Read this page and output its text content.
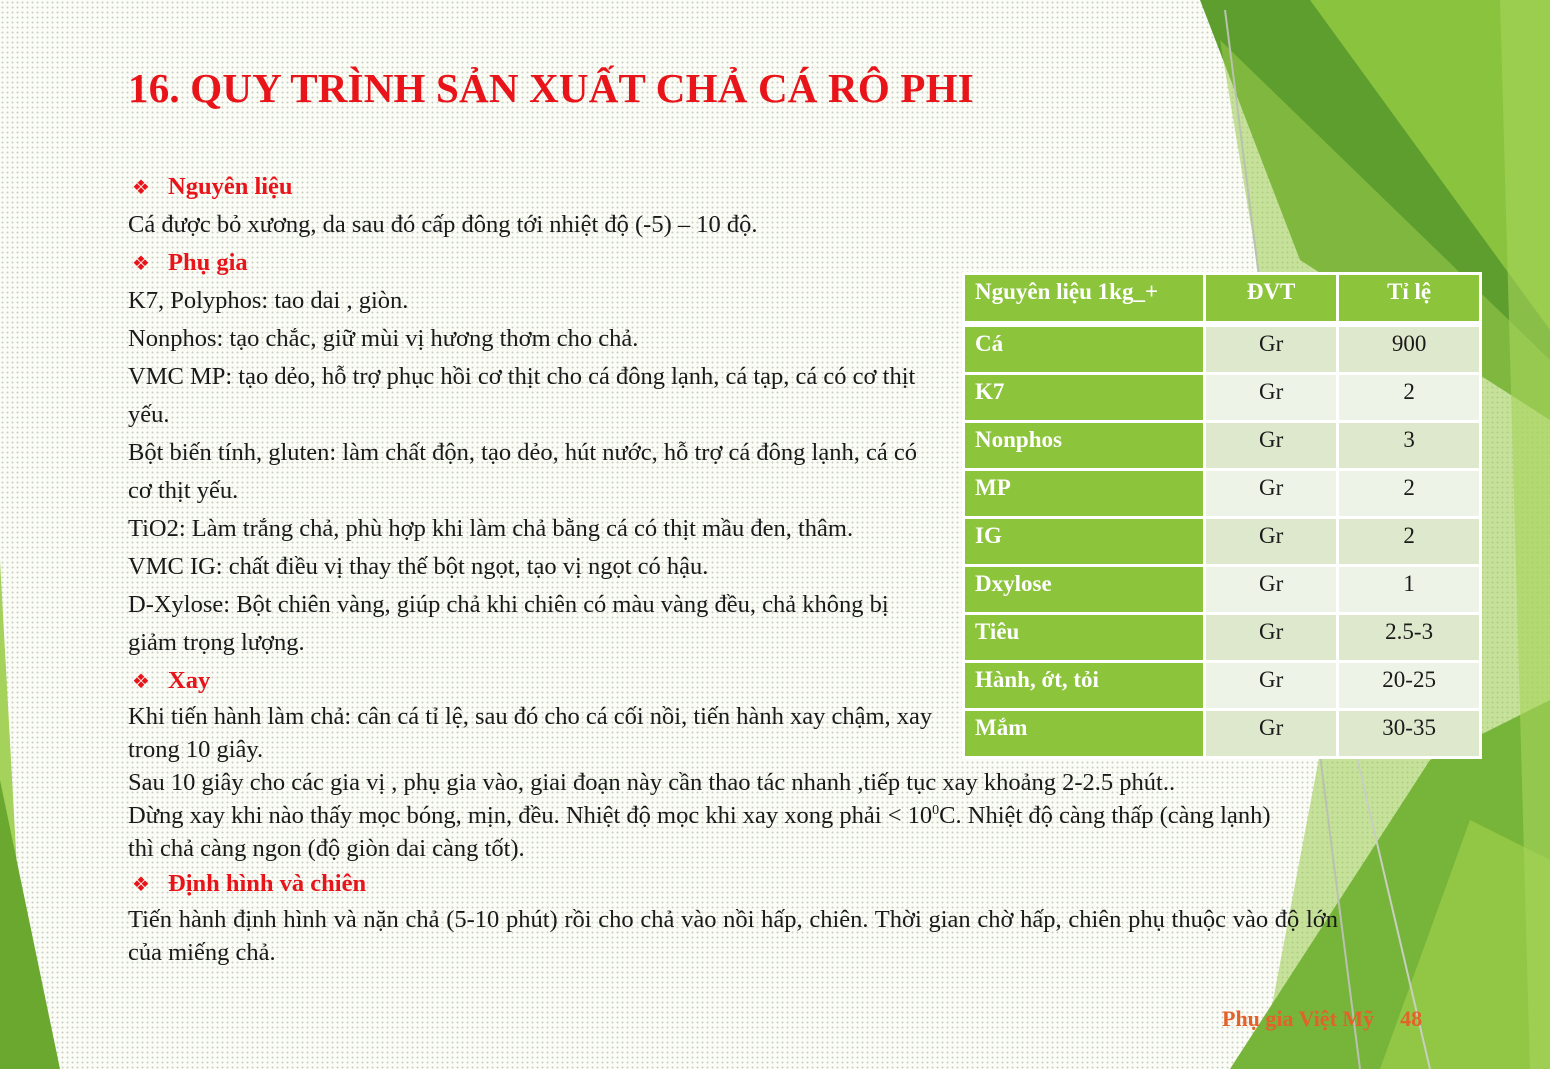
16. QUY TRÌNH SẢN XUẤT CHẢ CÁ RÔ PHI
❖ Nguyên liệu

Cá được bỏ xương, da sau đó cấp đông tới nhiệt độ (-5) – 10 độ.

❖ Phụ gia

K7, Polyphos: tao dai , giòn.

Nonphos: tạo chắc, giữ mùi vị hương thơm cho chả.

VMC MP: tạo dẻo, hỗ trợ phục hồi cơ thịt cho cá đông lạnh, cá tạp, cá có cơ thịt yếu.

Bột biến tính, gluten: làm chất độn, tạo dẻo, hút nước, hỗ trợ cá đông lạnh, cá có cơ thịt yếu.

TiO2: Làm trắng chả, phù hợp khi làm chả bằng cá có thịt mầu đen, thâm.

VMC IG: chất điều vị thay thế bột ngọt, tạo vị ngọt có hậu.

D-Xylose: Bột chiên vàng, giúp chả khi chiên có màu vàng đều, chả không bị giảm trọng lượng.

❖ Xay

Khi tiến hành làm chả: cân cá tỉ lệ, sau đó cho cá cối nồi, tiến hành xay chậm, xay trong 10 giây.

Sau 10 giây cho các gia vị , phụ gia vào, giai đoạn này cần thao tác nhanh ,tiếp tục xay khoảng 2-2.5 phút..

Dừng xay khi nào thấy mọc bóng, mịn, đều. Nhiệt độ mọc khi xay xong phải < $10^0C$. Nhiệt độ càng thấp (càng lạnh) thì chả càng ngon (độ giòn dai càng tốt).

❖ Định hình và chiên

Tiến hành định hình và nặn chả (5-10 phút) rồi cho chả vào nồi hấp, chiên. Thời gian chờ hấp, chiên phụ thuộc vào độ lớn của miếng chả.

Nguyên liệu 1kg_+	ĐVT	Tỉ lệ
Cá	Gr	900
K7	Gr	2
Nonphos	Gr	3
MP	Gr	2
IG	Gr	2
Dxylose	Gr	1
Tiêu	Gr	2.5-3
Hành, ớt, tỏi	Gr	20-25
Mắm	Gr	30-35
Phụ gia Việt Mỹ 48
